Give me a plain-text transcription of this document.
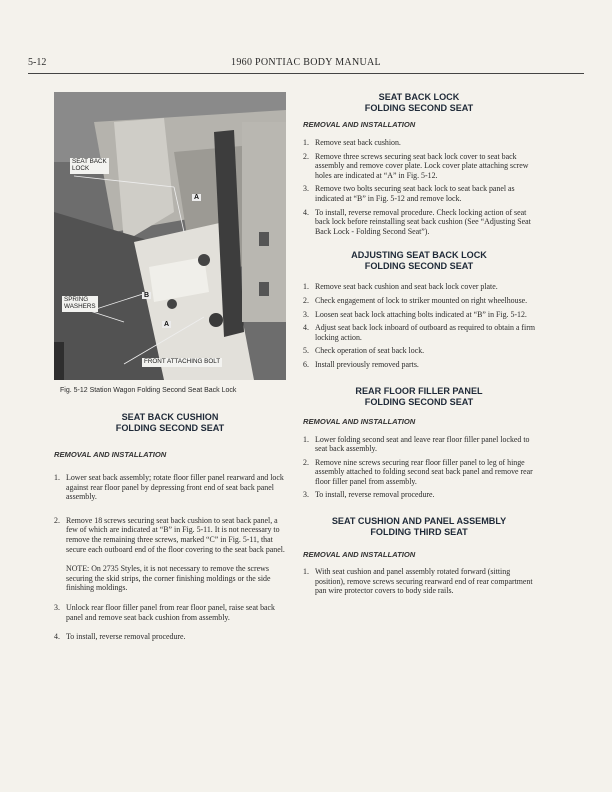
5-12	1960 PONTIAC BODY MANUAL
SEAT BACK
LOCK
SPRING
WASHERS
FRONT ATTACHING BOLT
A
B
A
Fig. 5-12 Station Wagon Folding Second Seat Back Lock
SEAT BACK CUSHION
FOLDING SECOND SEAT
REMOVAL AND INSTALLATION
1. Lower seat back assembly; rotate floor filler panel rearward and lock against rear floor panel by depressing front end of seat back panel assembly.
2. Remove 18 screws securing seat back cushion to seat back panel, a few of which are indicated at “B” in Fig. 5-11. It is not necessary to remove the remaining three screws, marked “C” in Fig. 5-11, that secure each outboard end of the floor covering to the seat back panel.
NOTE: On 2735 Styles, it is not necessary to remove the screws securing the skid strips, the corner finishing moldings or the side finishing moldings.
3. Unlock rear floor filler panel from rear floor panel, raise seat back panel and remove seat back cushion from assembly.
4. To install, reverse removal procedure.
SEAT BACK LOCK
FOLDING SECOND SEAT
REMOVAL AND INSTALLATION
1. Remove seat back cushion.
2. Remove three screws securing seat back lock cover to seat back assembly and remove cover plate. Lock cover plate attaching screw holes are indicated at “A” in Fig. 5-12.
3. Remove two bolts securing seat back lock to seat back panel as indicated at “B” in Fig. 5-12 and remove lock.
4. To install, reverse removal procedure. Check locking action of seat back lock before reinstalling seat back cushion (See “Adjusting Seat Back Lock - Folding Second Seat”).
ADJUSTING SEAT BACK LOCK
FOLDING SECOND SEAT
1. Remove seat back cushion and seat back lock cover plate.
2. Check engagement of lock to striker mounted on right wheelhouse.
3. Loosen seat back lock attaching bolts indicated at “B” in Fig. 5-12.
4. Adjust seat back lock inboard of outboard as required to obtain a firm locking action.
5. Check operation of seat back lock.
6. Install previously removed parts.
REAR FLOOR FILLER PANEL
FOLDING SECOND SEAT
REMOVAL AND INSTALLATION
1. Lower folding second seat and leave rear floor filler panel locked to seat back assembly.
2. Remove nine screws securing rear floor filler panel to leg of hinge assembly attached to folding second seat back panel and remove rear floor filler panel from assembly.
3. To install, reverse removal procedure.
SEAT CUSHION AND PANEL ASSEMBLY
FOLDING THIRD SEAT
REMOVAL AND INSTALLATION
1. With seat cushion and panel assembly rotated forward (sitting position), remove screws securing rearward end of rear compartment pan wire protector covers to body side rails.
